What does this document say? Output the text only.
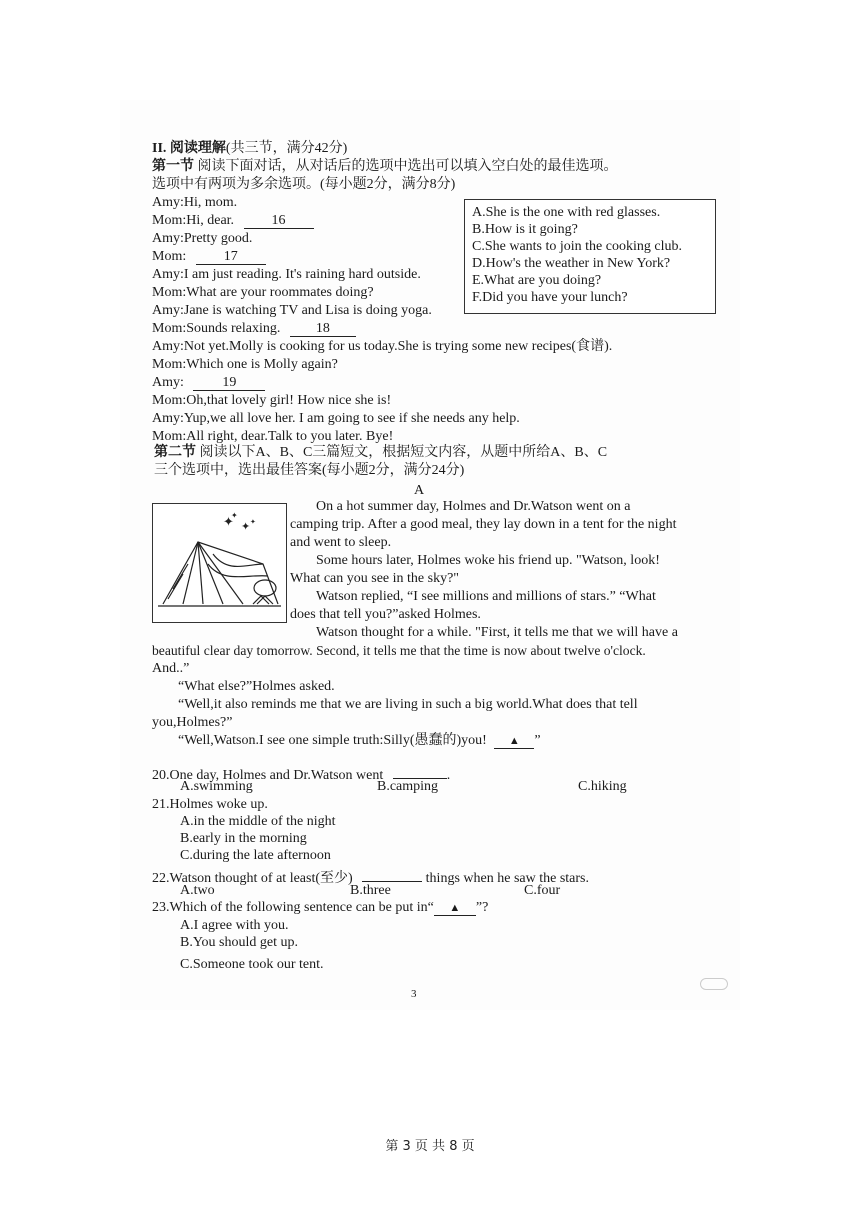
II. 阅读理解(共三节，满分42分)
第一节 阅读下面对话，从对话后的选项中选出可以填入空白处的最佳选项。
选项中有两项为多余选项。(每小题2分，满分8分)
Amy:Hi, mom.
Mom:Hi, dear.	16
Amy:Pretty good.
Mom:	17
Amy:I am just reading. It's raining hard outside.
Mom:What are your roommates doing?
Amy:Jane is watching TV and Lisa is doing yoga.
Mom:Sounds relaxing.	18
Amy:Not yet.Molly is cooking for us today.She is trying some new recipes(食谱).
Mom:Which one is Molly again?
Amy:	19
Mom:Oh,that lovely girl! How nice she is!
Amy:Yup,we all love her. I am going to see if she needs any help.
Mom:All right, dear.Talk to you later. Bye!
A.She is the one with red glasses.
B.How is it going?
C.She wants to join the cooking club.
D.How's the weather in New York?
E.What are you doing?
F.Did you have your lunch?
第二节 阅读以下A、B、C三篇短文，根据短文内容，从题中所给A、B、C
三个选项中，选出最佳答案(每小题2分，满分24分)
A
✦
✦
✦ ✦
On a hot summer day, Holmes and Dr.Watson went on a
camping trip. After a good meal, they lay down in a tent for the night
and went to sleep.
Some hours later, Holmes woke his friend up. "Watson, look!
What can you see in the sky?"
Watson replied, “I see millions and millions of stars.” “What
does that tell you?”asked Holmes.
Watson thought for a while. "First, it tells me that we will have a
beautiful clear day tomorrow. Second, it tells me that the time is now about twelve o'clock.
And..”
“What else?”Holmes asked.
“Well,it also reminds me that we are living in such a big world.What does that tell
you,Holmes?”
“Well,Watson.I see one simple truth:Silly(愚蠢的)you! ▲ ”
20.One day, Holmes and Dr.Watson went	.
A.swimming	B.camping	C.hiking
21.Holmes woke up.
A.in the middle of the night
B.early in the morning
C.during the late afternoon
22.Watson thought of at least(至少)	things when he saw the stars.
A.two	B.three	C.four
23.Which of the following sentence can be put in“ ▲ ”?
A.I agree with you.
B.You should get up.
C.Someone took our tent.
3
第 3 页 共 8 页
